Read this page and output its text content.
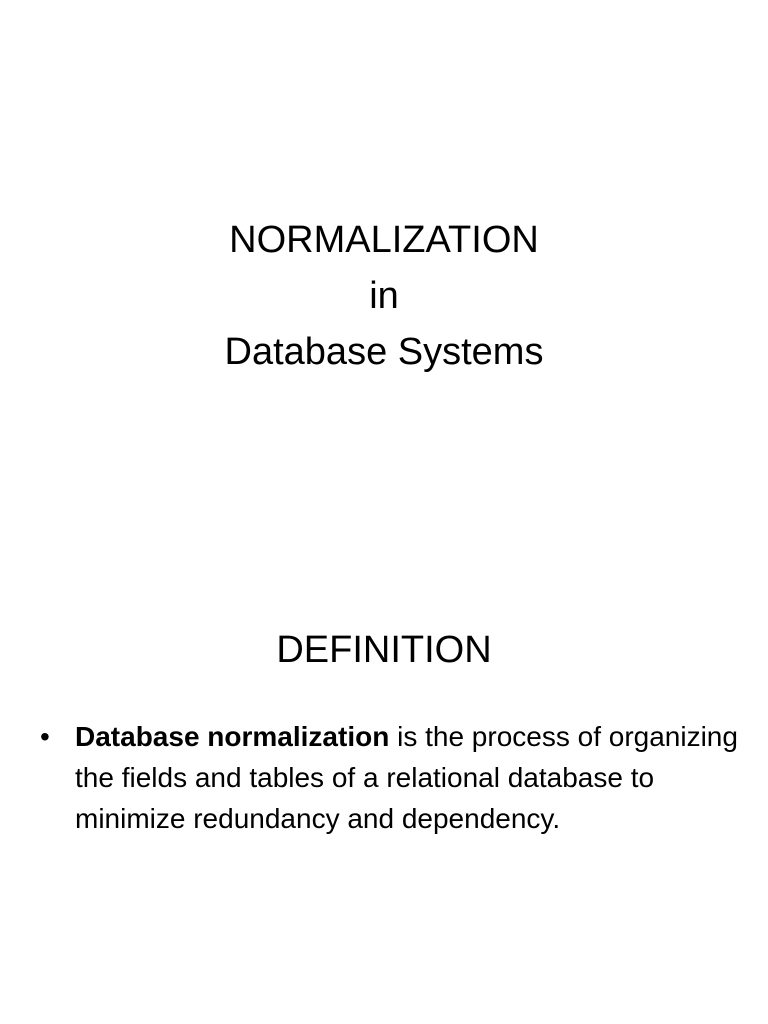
NORMALIZATION
in
Database Systems
DEFINITION
• Database normalization is the process of organizing the fields and tables of a relational database to minimize redundancy and dependency.
